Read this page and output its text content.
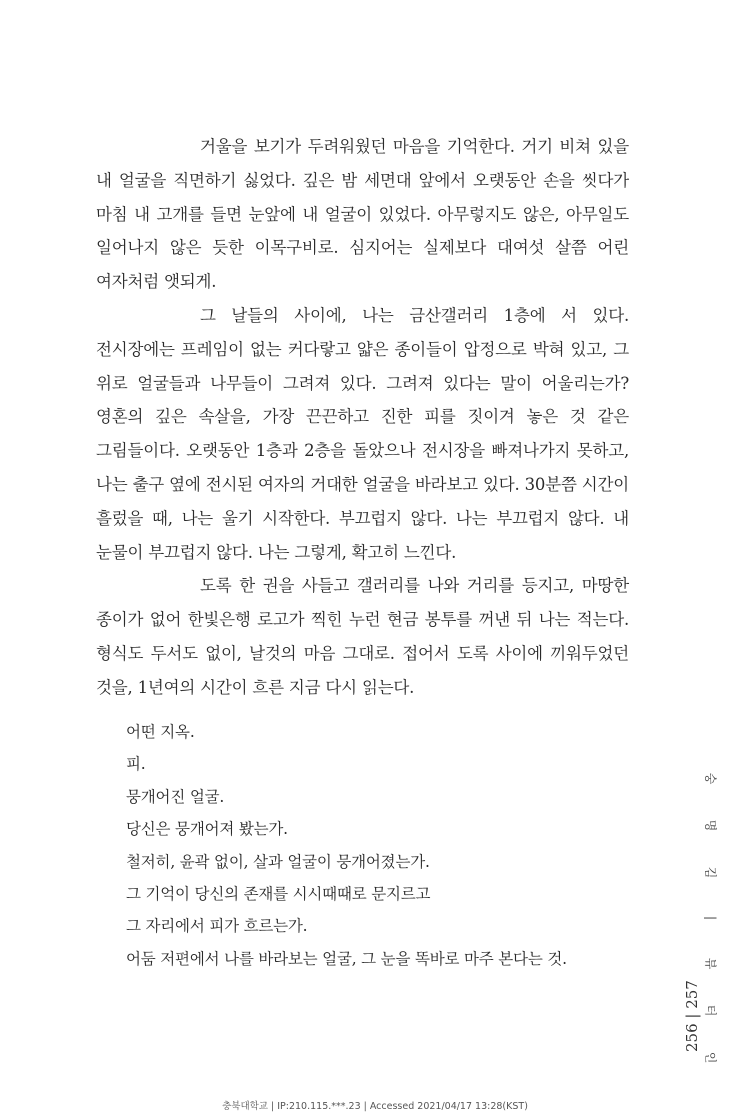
거울을 보기가 두려워웠던 마음을 기억한다. 거기 비쳐 있을 내 얼굴을 직면하기 싫었다. 깊은 밤 세면대 앞에서 오랫동안 손을 씻다가 마침 내 고개를 들면 눈앞에 내 얼굴이 있었다. 아무렇지도 않은, 아무일도 일어나지 않은 듯한 이목구비로. 심지어는 실제보다 대여섯 살쯤 어린 여자처럼 앳되게.

그 날들의 사이에, 나는 금산갤러리 1층에 서 있다. 전시장에는 프레임이 없는 커다랗고 얇은 종이들이 압정으로 박혀 있고, 그 위로 얼굴들과 나무들이 그려져 있다. 그려져 있다는 말이 어울리는가? 영혼의 깊은 속살을, 가장 끈끈하고 진한 피를 짓이겨 놓은 것 같은 그림들이다. 오랫동안 1층과 2층을 돌았으나 전시장을 빠져나가지 못하고, 나는 출구 옆에 전시된 여자의 거대한 얼굴을 바라보고 있다. 30분쯤 시간이 흘렀을 때, 나는 울기 시작한다. 부끄럽지 않다. 나는 부끄럽지 않다. 내 눈물이 부끄럽지 않다. 나는 그렇게, 확고히 느낀다.

도록 한 권을 사들고 갤러리를 나와 거리를 등지고, 마땅한 종이가 없어 한빛은행 로고가 찍힌 누런 현금 봉투를 꺼낸 뒤 나는 적는다. 형식도 두서도 없이, 날것의 마음 그대로. 접어서 도록 사이에 끼워두었던 것을, 1년여의 시간이 흐른 지금 다시 읽는다.

어떤 지옥.
피.
뭉개어진 얼굴.
당신은 뭉개어져 봤는가.
철저히, 윤곽 없이, 살과 얼굴이 뭉개어졌는가.
그 기억이 당신의 존재를 시시때때로 문지르고
그 자리에서 피가 흐르는가.
어둠 저편에서 나를 바라보는 얼굴, 그 눈을 똑바로 마주 본다는 것.
숭
명
김
|
뷰
터
인
256 | 257
충북대학교 | IP:210.115.***.23 | Accessed 2021/04/17 13:28(KST)
